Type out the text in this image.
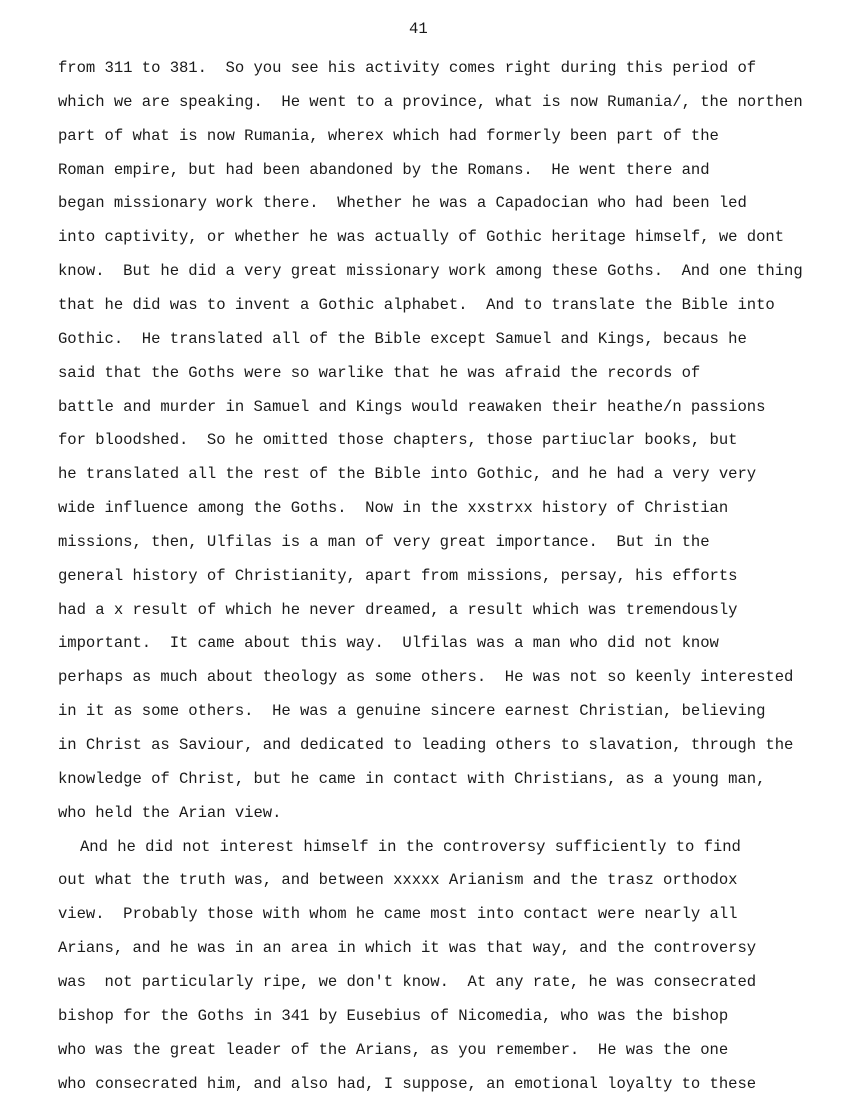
41
from 311 to 381.  So you see his activity comes right during this period of
which we are speaking.  He went to a province, what is now Rumania/, the northen
part of what is now Rumania, wherex which had formerly been part of the
Roman empire, but had been abandoned by the Romans.  He went there and
began missionary work there.  Whether he was a Capadocian who had been led
into captivity, or whether he was actually of Gothic heritage himself, we dont
know.  But he did a very great missionary work among these Goths.  And one thing
that he did was to invent a Gothic alphabet.  And to translate the Bible into
Gothic.  He translated all of the Bible except Samuel and Kings, becaus he
said that the Goths were so warlike that he was afraid the records of
battle and murder in Samuel and Kings would reawaken their heathe/n passions
for bloodshed.  So he omitted those chapters, those partiuclar books, but
he translated all the rest of the Bible into Gothic, and he had a very very
wide influence among the Goths.  Now in the xxstrxx history of Christian
missions, then, Ulfilas is a man of very great importance.  But in the
general history of Christianity, apart from missions, persay, his efforts
had a x result of which he never dreamed, a result which was tremendously
important.  It came about this way.  Ulfilas was a man who did not know
perhaps as much about theology as some others.  He was not so keenly interested
in it as some others.  He was a genuine sincere earnest Christian, believing
in Christ as Saviour, and dedicated to leading others to slavation, through the
knowledge of Christ, but he came in contact with Christians, as a young man,
who held the Arian view.
And he did not interest himself in the controversy sufficiently to find
out what the truth was, and between xxxxx Arianism and the trasz orthodox
view.  Probably those with whom he came most into contact were nearly all
Arians, and he was in an area in which it was that way, and the controversy
was  not particularly ripe, we don't know.  At any rate, he was consecrated
bishop for the Goths in 341 by Eusebius of Nicomedia, who was the bishop
who was the great leader of the Arians, as you remember.  He was the one
who consecrated him, and also had, I suppose, an emotional loyalty to these
